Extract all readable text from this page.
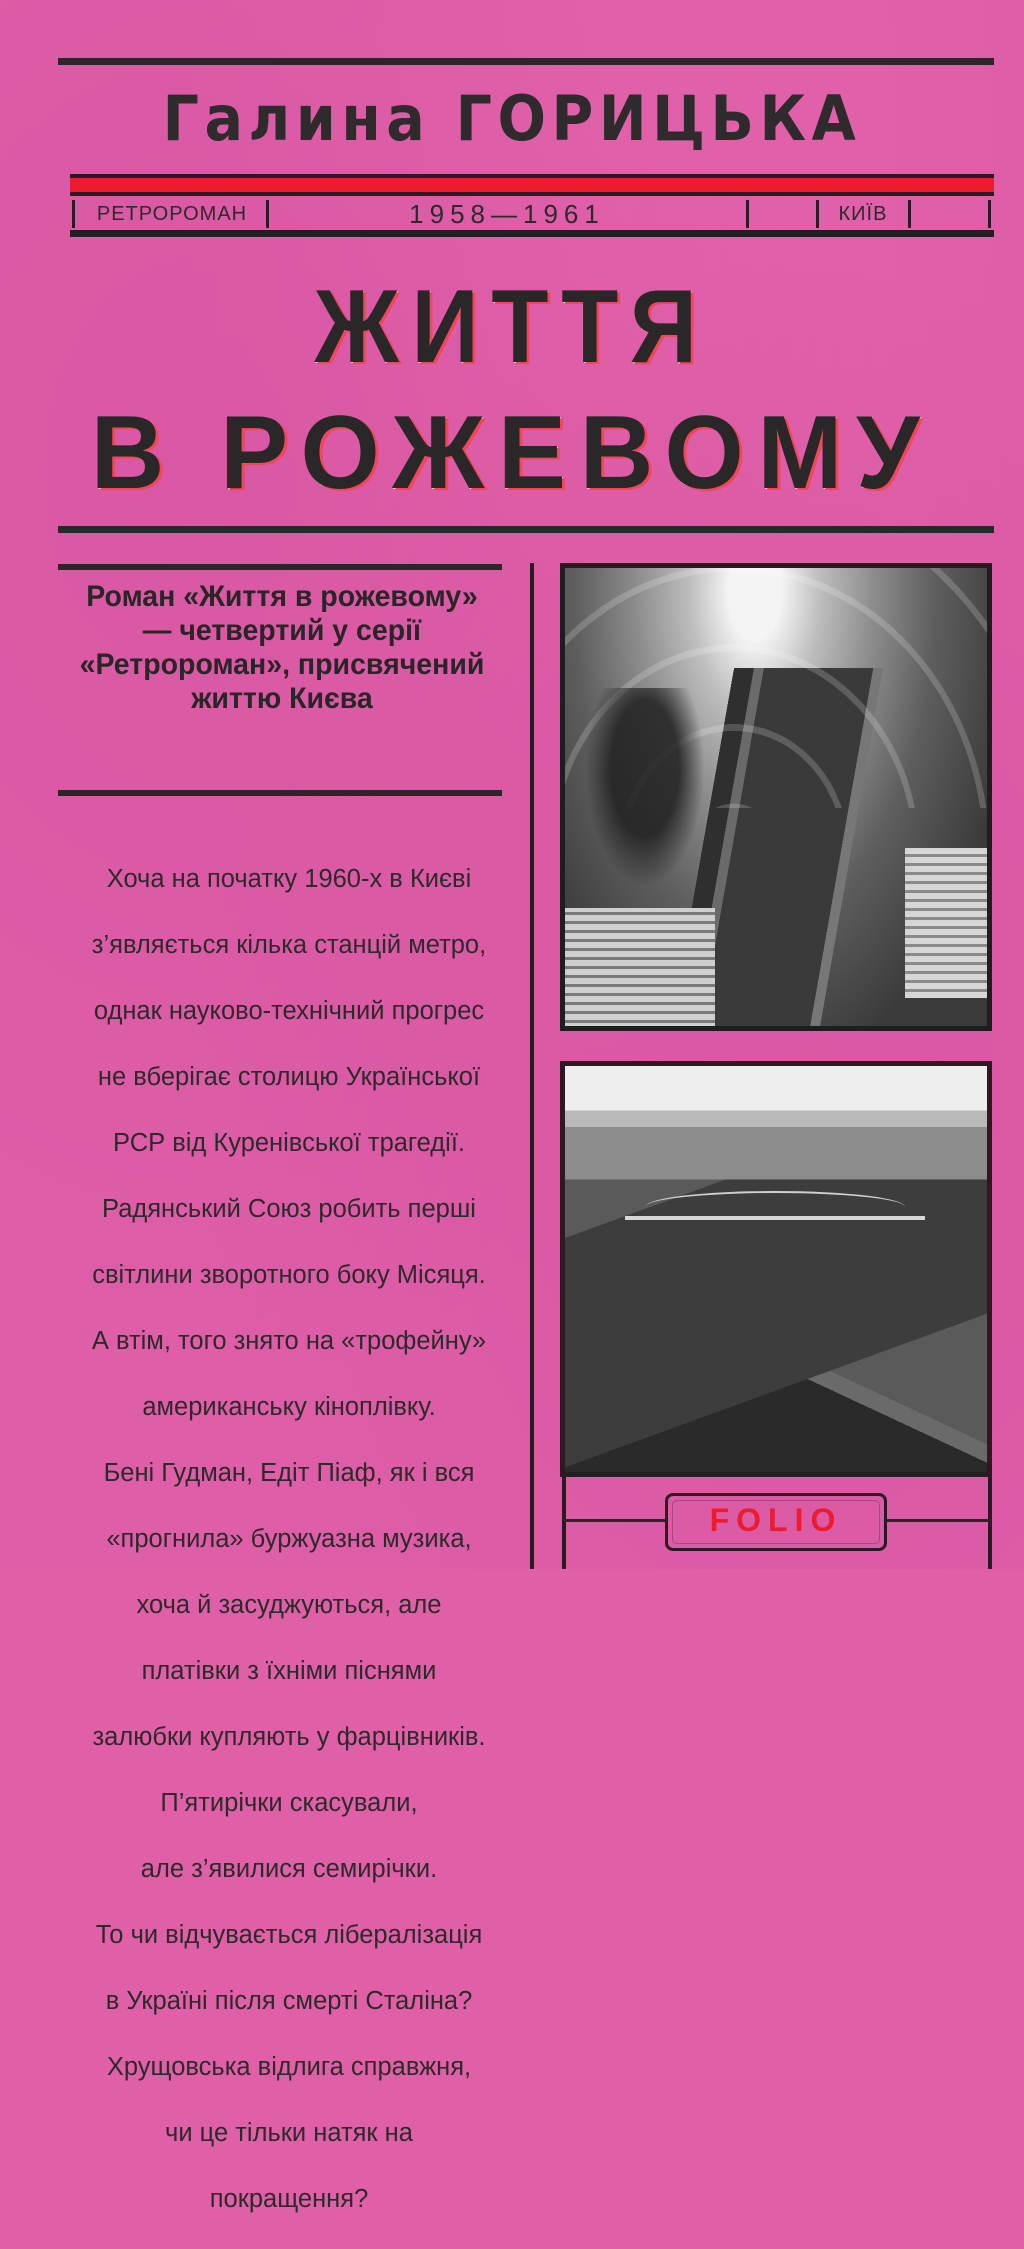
Галина ГОРИЦЬКА
РЕТРОРОМАН	1958—1961	КИЇВ
ЖИТТЯ
В РОЖЕВОМУ
Роман «Життя в рожевому» — четвертий у серії «Ретророман», присвячений життю Києва

Хоча на початку 1960-х в Києві

з’являється кілька станцій метро,

однак науково-технічний прогрес

не вберігає столицю Української

РСР від Куренівської трагедії.

Радянський Союз робить перші

світлини зворотного боку Місяця.

А втім, того знято на «трофейну»

американську кіноплівку.

Бені Гудман, Едіт Піаф, як і вся

«прогнила» буржуазна музика,

хоча й засуджуються, але

платівки з їхніми піснями

залюбки купляють у фарцівників.

П’ятирічки скасували,

але з’явилися семирічки.

То чи відчувається лібералізація

в Україні після смерті Сталіна?

Хрущовська відлига справжня,

чи це тільки натяк на

покращення?

FOLIO
